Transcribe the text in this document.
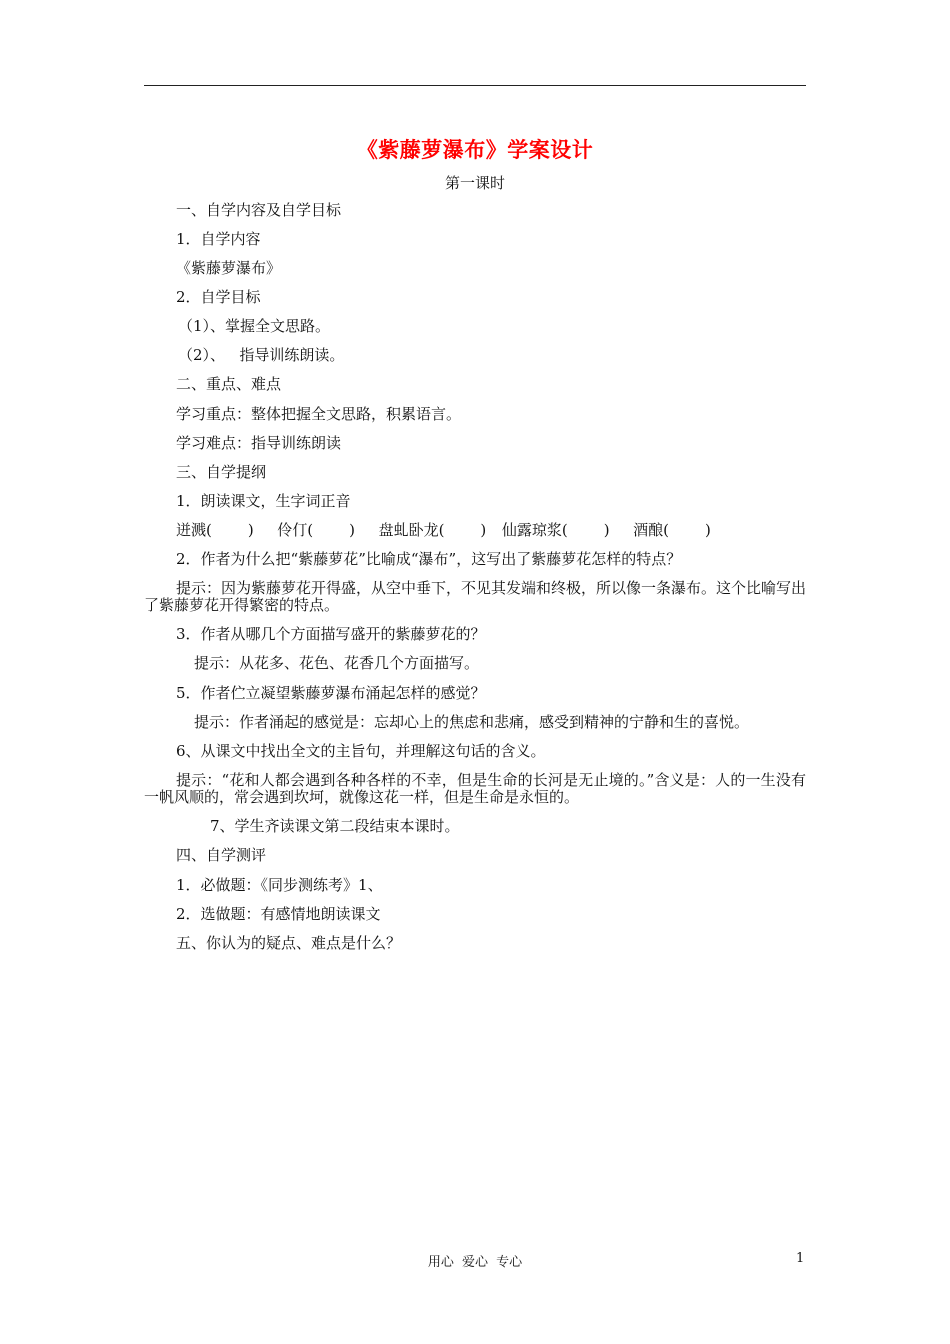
《紫藤萝瀑布》学案设计
第一课时
一、自学内容及自学目标
1．自学内容
《紫藤萝瀑布》
2．自学目标
（1）、掌握全文思路。
（2）、   指导训练朗读。
二、重点、难点
学习重点：整体把握全文思路，积累语言。
学习难点：指导训练朗读
三、自学提纲
1．朗读课文，生字词正音
迸溅( ) 伶仃( ) 盘虬卧龙( ) 仙露琼浆( ) 酒酿( )
2．作者为什么把“紫藤萝花”比喻成“瀑布”，这写出了紫藤萝花怎样的特点？
提示：因为紫藤萝花开得盛，从空中垂下，不见其发端和终极，所以像一条瀑布。这个比喻写出了紫藤萝花开得繁密的特点。
3．作者从哪几个方面描写盛开的紫藤萝花的？
提示：从花多、花色、花香几个方面描写。
5．作者伫立凝望紫藤萝瀑布涌起怎样的感觉？
提示：作者涌起的感觉是：忘却心上的焦虑和悲痛，感受到精神的宁静和生的喜悦。
6、从课文中找出全文的主旨句，并理解这句话的含义。
提示：“花和人都会遇到各种各样的不幸，但是生命的长河是无止境的。”含义是：人的一生没有一帆风顺的，常会遇到坎坷，就像这花一样，但是生命是永恒的。
7、学生齐读课文第二段结束本课时。
四、自学测评
1．必做题：《同步测练考》1、
2．选做题：有感情地朗读课文
五、你认为的疑点、难点是什么？
用心 爱心 专心	1
